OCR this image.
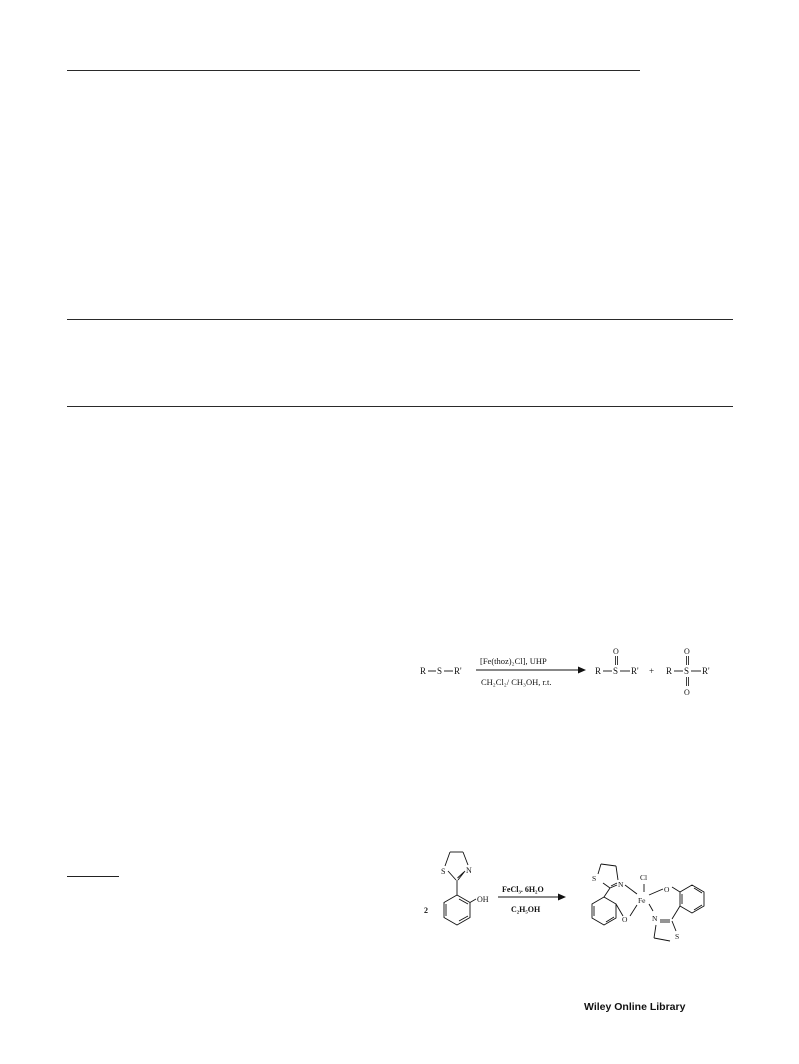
R S R'
[Fe(thoz)₂Cl], UHP
CH₂Cl₂/ CH₃OH, r.t.
O
R S R' +
O
R S R'
O
2
S	N
OH
FeCl₃. 6H₂O
C₂H₅OH
Cl
Fe
S
N
O
O
N
S
Wiley Online Library
